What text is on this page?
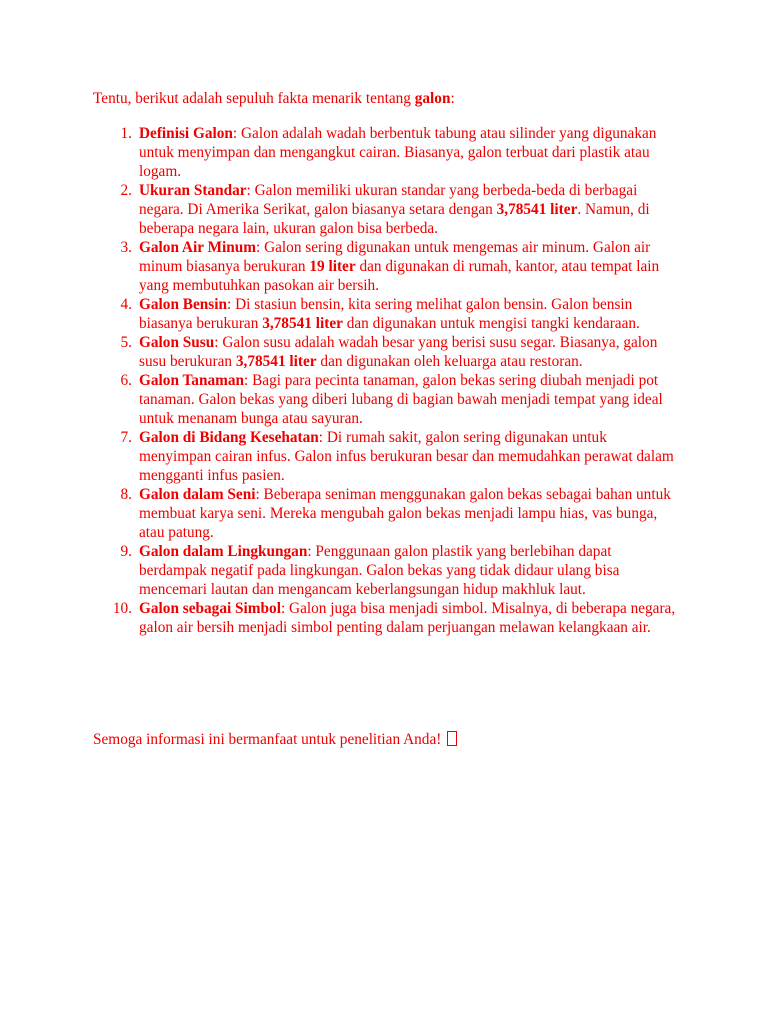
Tentu, berikut adalah sepuluh fakta menarik tentang galon:

1. Definisi Galon: Galon adalah wadah berbentuk tabung atau silinder yang digunakan untuk menyimpan dan mengangkut cairan. Biasanya, galon terbuat dari plastik atau logam.
2. Ukuran Standar: Galon memiliki ukuran standar yang berbeda-beda di berbagai negara. Di Amerika Serikat, galon biasanya setara dengan 3,78541 liter. Namun, di beberapa negara lain, ukuran galon bisa berbeda.
3. Galon Air Minum: Galon sering digunakan untuk mengemas air minum. Galon air minum biasanya berukuran 19 liter dan digunakan di rumah, kantor, atau tempat lain yang membutuhkan pasokan air bersih.
4. Galon Bensin: Di stasiun bensin, kita sering melihat galon bensin. Galon bensin biasanya berukuran 3,78541 liter dan digunakan untuk mengisi tangki kendaraan.
5. Galon Susu: Galon susu adalah wadah besar yang berisi susu segar. Biasanya, galon susu berukuran 3,78541 liter dan digunakan oleh keluarga atau restoran.
6. Galon Tanaman: Bagi para pecinta tanaman, galon bekas sering diubah menjadi pot tanaman. Galon bekas yang diberi lubang di bagian bawah menjadi tempat yang ideal untuk menanam bunga atau sayuran.
7. Galon di Bidang Kesehatan: Di rumah sakit, galon sering digunakan untuk menyimpan cairan infus. Galon infus berukuran besar dan memudahkan perawat dalam mengganti infus pasien.
8. Galon dalam Seni: Beberapa seniman menggunakan galon bekas sebagai bahan untuk membuat karya seni. Mereka mengubah galon bekas menjadi lampu hias, vas bunga, atau patung.
9. Galon dalam Lingkungan: Penggunaan galon plastik yang berlebihan dapat berdampak negatif pada lingkungan. Galon bekas yang tidak didaur ulang bisa mencemari lautan dan mengancam keberlangsungan hidup makhluk laut.
10. Galon sebagai Simbol: Galon juga bisa menjadi simbol. Misalnya, di beberapa negara, galon air bersih menjadi simbol penting dalam perjuangan melawan kelangkaan air.

Semoga informasi ini bermanfaat untuk penelitian Anda!
